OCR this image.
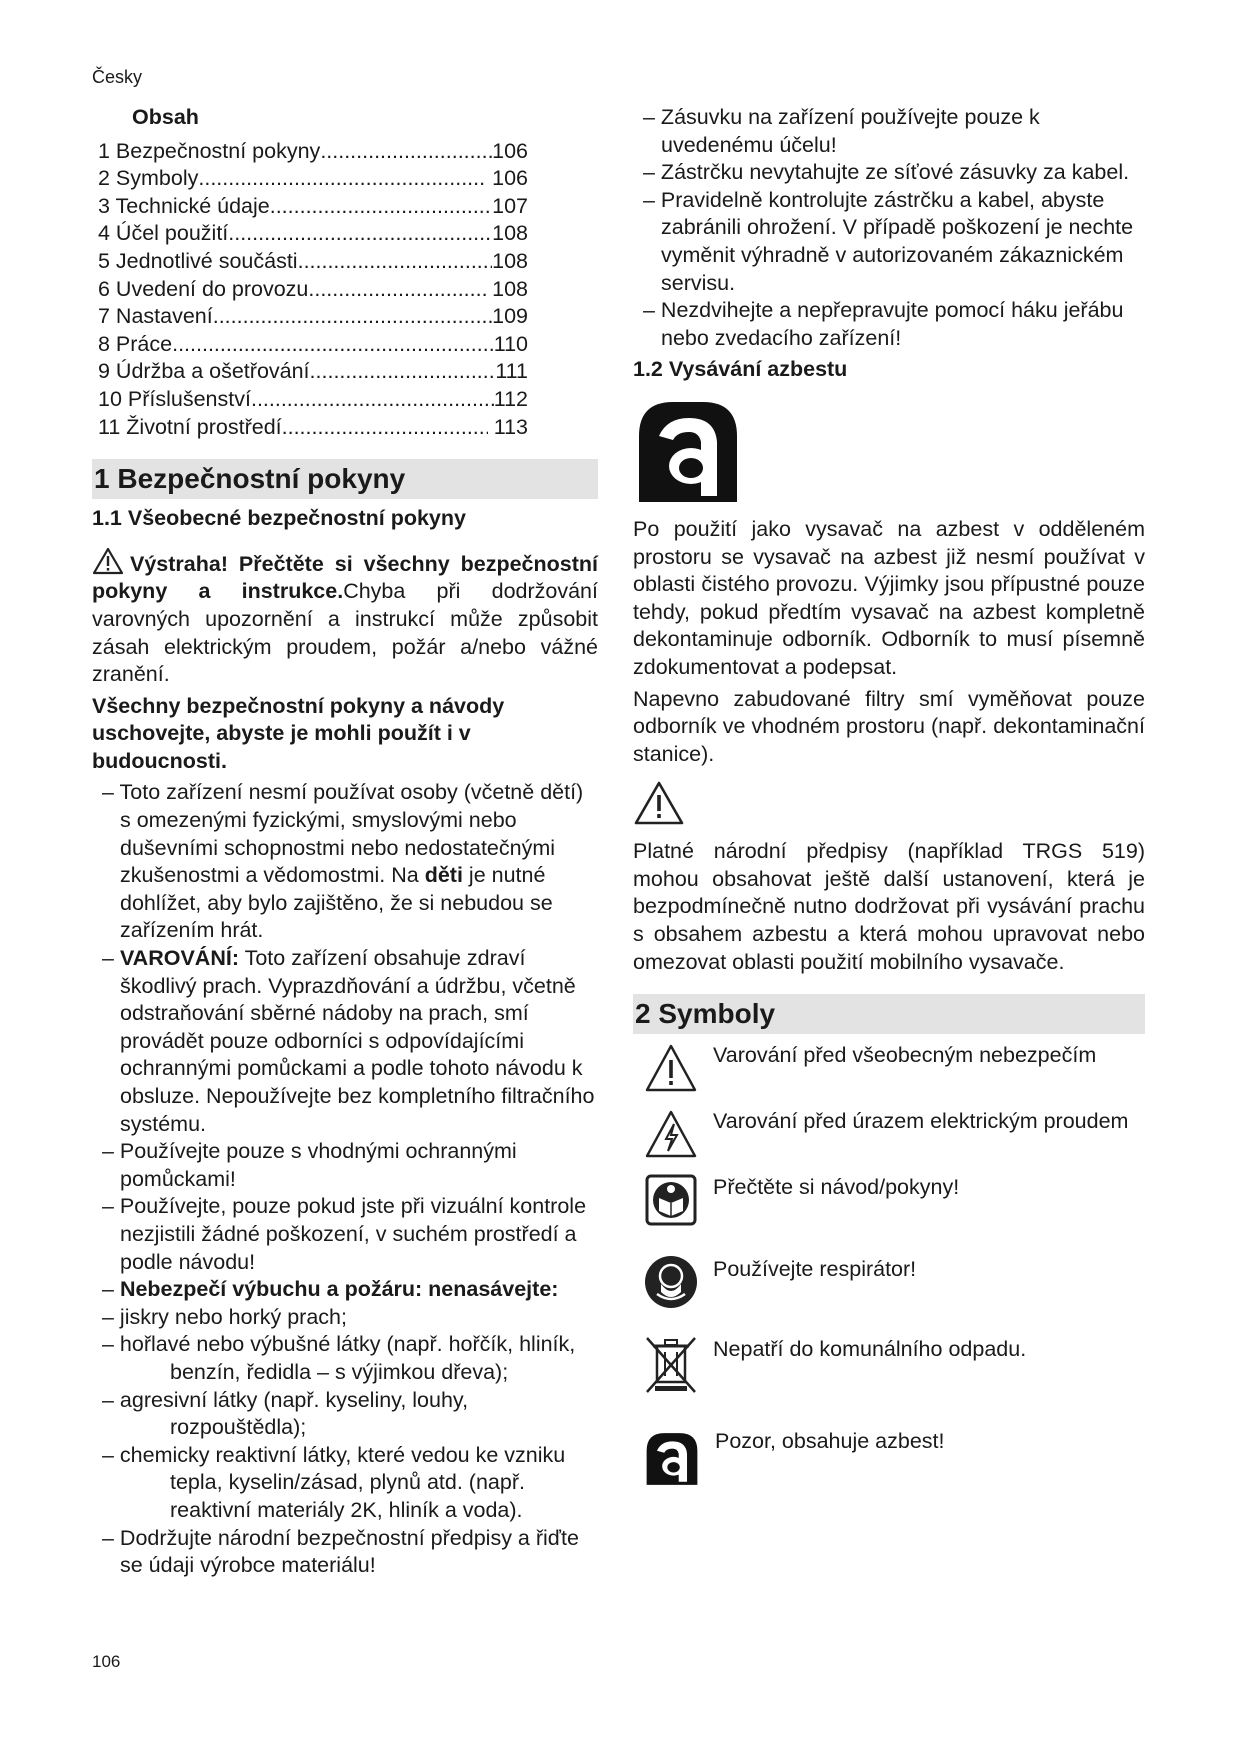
Česky
Obsah
1 Bezpečnostní pokyny .....	106
2 Symboly .....	106
3 Technické údaje .....	107
4 Účel použití .....	108
5 Jednotlivé součásti .....	108
6 Uvedení do provozu .....	108
7 Nastavení .....	109
8 Práce .....	110
9 Údržba a ošetřování .....	111
10 Příslušenství .....	112
11 Životní prostředí .....	113
1 Bezpečnostní pokyny
1.1 Všeobecné bezpečnostní pokyny

Výstraha! Přečtěte si všechny bezpečnostní pokyny a instrukce.Chyba při dodržování varovných upozornění a instrukcí může způsobit zásah elektrickým proudem, požár a/nebo vážné zranění.

Všechny bezpečnostní pokyny a návody uschovejte, abyste je mohli použít i v budoucnosti.

– Toto zařízení nesmí používat osoby (včetně dětí) s omezenými fyzickými, smyslovými nebo duševními schopnostmi nebo nedostatečnými zkušenostmi a vědomostmi. Na děti je nutné dohlížet, aby bylo zajištěno, že si nebudou se zařízením hrát.

– VAROVÁNÍ: Toto zařízení obsahuje zdraví škodlivý prach. Vyprazdňování a údržbu, včetně odstraňování sběrné nádoby na prach, smí provádět pouze odborníci s odpovídajícími ochrannými pomůckami a podle tohoto návodu k obsluze. Nepoužívejte bez kompletního filtračního systému.

– Používejte pouze s vhodnými ochrannými pomůckami!

– Používejte, pouze pokud jste při vizuální kontrole nezjistili žádné poškození, v suchém prostředí a podle návodu!

– Nebezpečí výbuchu a požáru: nenasávejte:

– jiskry nebo horký prach;

– hořlavé nebo výbušné látky (např. hořčík, hliník, benzín, ředidla – s výjimkou dřeva);

– agresivní látky (např. kyseliny, louhy, rozpouštědla);

– chemicky reaktivní látky, které vedou ke vzniku tepla, kyselin/zásad, plynů atd. (např. reaktivní materiály 2K, hliník a voda).

– Dodržujte národní bezpečnostní předpisy a řiďte se údaji výrobce materiálu!

– Zásuvku na zařízení používejte pouze k uvedenému účelu!

– Zástrčku nevytahujte ze síťové zásuvky za kabel.

– Pravidelně kontrolujte zástrčku a kabel, abyste zabránili ohrožení. V případě poškození je nechte vyměnit výhradně v autorizovaném zákaznickém servisu.

– Nezdvihejte a nepřepravujte pomocí háku jeřábu nebo zvedacího zařízení!

1.2 Vysávání azbestu

Po použití jako vysavač na azbest v odděleném prostoru se vysavač na azbest již nesmí používat v oblasti čistého provozu. Výjimky jsou přípustné pouze tehdy, pokud předtím vysavač na azbest kompletně dekontaminuje odborník. Odborník to musí písemně zdokumentovat a podepsat.

Napevno zabudované filtry smí vyměňovat pouze odborník ve vhodném prostoru (např. dekontaminační stanice).

Platné národní předpisy (například TRGS 519) mohou obsahovat ještě další ustanovení, která je bezpodmínečně nutno dodržovat při vysávání prachu s obsahem azbestu a která mohou upravovat nebo omezovat oblasti použití mobilního vysavače.

2 Symboly
Varování před všeobecným nebezpečím
Varování před úrazem elektrickým proudem
Přečtěte si návod/pokyny!
Používejte respirátor!
Nepatří do komunálního odpadu.
Pozor, obsahuje azbest!
106
